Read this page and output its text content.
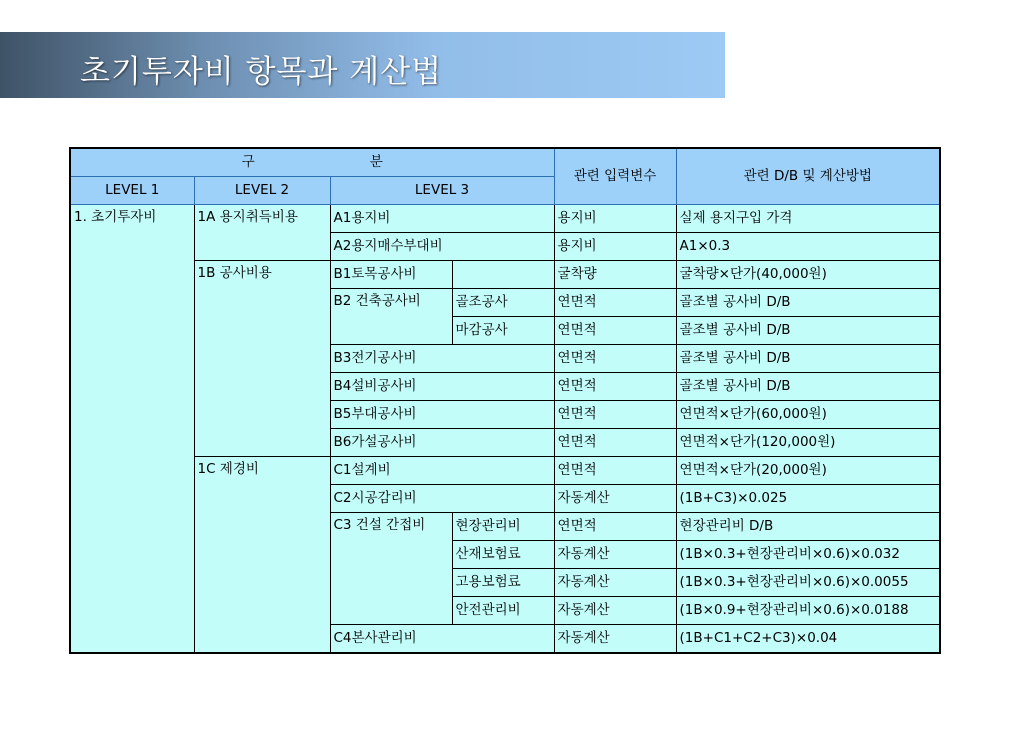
초기투자비 항목과 계산법
구 분				관련 입력변수	관련 D/B 및 계산방법
LEVEL 1	LEVEL 2	LEVEL 3			
1. 초기투자비	1A 용지취득비용	A1용지비		용지비	실제 용지구입 가격
		A2용지매수부대비		용지비	A1×0.3
	1B 공사비용	B1토목공사비		굴착량	굴착량×단가(40,000원)
		B2 건축공사비	골조공사	연면적	골조별 공사비 D/B
			마감공사	연면적	골조별 공사비 D/B
		B3전기공사비		연면적	골조별 공사비 D/B
		B4설비공사비		연면적	골조별 공사비 D/B
		B5부대공사비		연면적	연면적×단가(60,000원)
		B6가설공사비		연면적	연면적×단가(120,000원)
	1C 제경비	C1설계비		연면적	연면적×단가(20,000원)
		C2시공감리비		자동계산	(1B+C3)×0.025
		C3 건설 간접비	현장관리비	연면적	현장관리비 D/B
			산재보험료	자동계산	(1B×0.3+현장관리비×0.6)×0.032
			고용보험료	자동계산	(1B×0.3+현장관리비×0.6)×0.0055
			안전관리비	자동계산	(1B×0.9+현장관리비×0.6)×0.0188
		C4본사관리비		자동계산	(1B+C1+C2+C3)×0.04
